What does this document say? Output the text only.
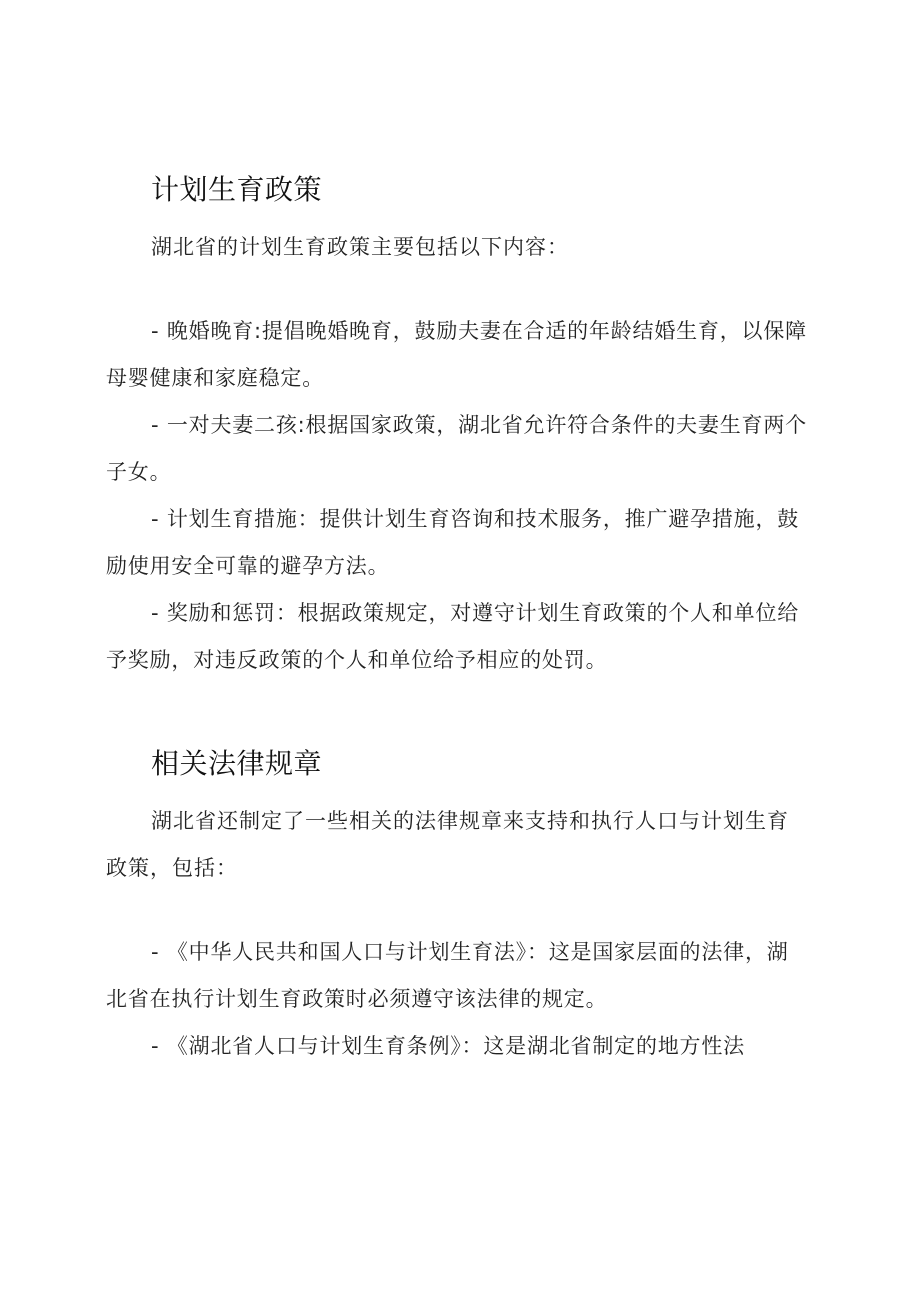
计划生育政策

湖北省的计划生育政策主要包括以下内容：

- 晚婚晚育:提倡晚婚晚育，鼓励夫妻在合适的年龄结婚生育，以保障母婴健康和家庭稳定。
- 一对夫妻二孩:根据国家政策，湖北省允许符合条件的夫妻生育两个子女。
- 计划生育措施：提供计划生育咨询和技术服务，推广避孕措施，鼓励使用安全可靠的避孕方法。
- 奖励和惩罚：根据政策规定，对遵守计划生育政策的个人和单位给予奖励，对违反政策的个人和单位给予相应的处罚。
相关法律规章

湖北省还制定了一些相关的法律规章来支持和执行人口与计划生育政策，包括：

- 《中华人民共和国人口与计划生育法》：这是国家层面的法律，湖北省在执行计划生育政策时必须遵守该法律的规定。
- 《湖北省人口与计划生育条例》：这是湖北省制定的地方性法
